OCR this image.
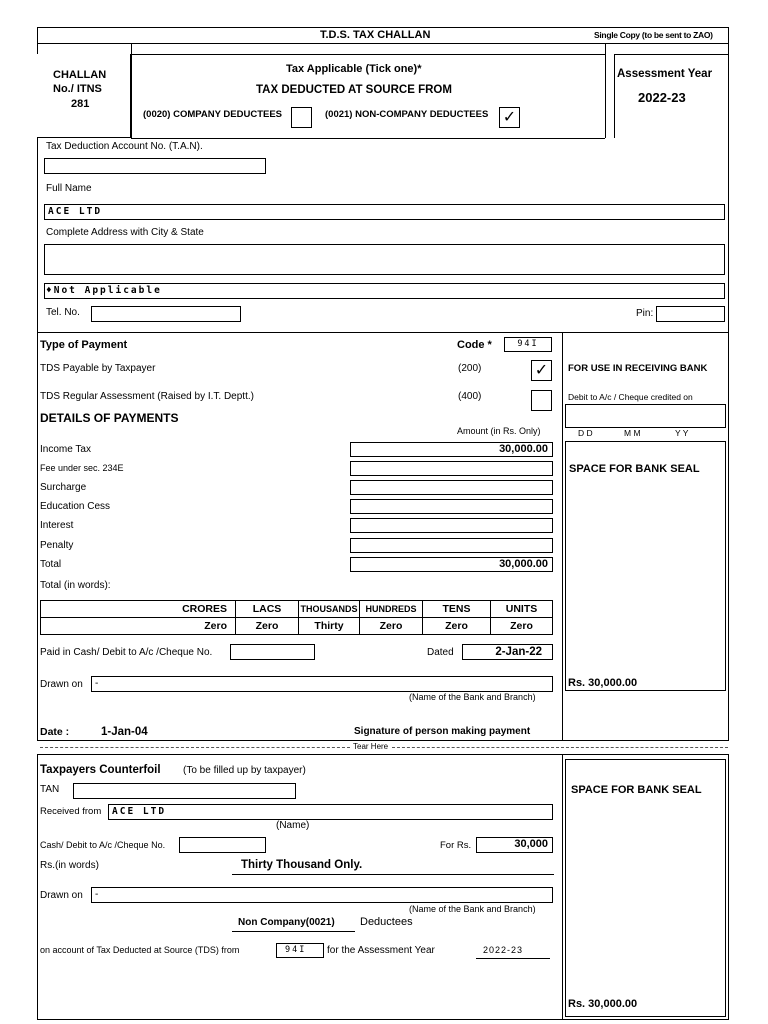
T.D.S. TAX CHALLAN	Single Copy (to be sent to ZAO)
CHALLAN
No./ ITNS
281
Tax Applicable (Tick one)*
TAX DEDUCTED AT SOURCE FROM
(0020) COMPANY DEDUCTEES	(0021) NON-COMPANY DEDUCTEES ✓
Assessment Year
2022-23
Tax Deduction Account No. (T.A.N).
Full Name
ACE LTD
Complete Address with City & State
♦Not Applicable
Tel. No.	Pin:
Type of Payment	Code *	94I
TDS Payable by Taxpayer	(200)	✓
TDS Regular Assessment (Raised by I.T. Deptt.)	(400)
DETAILS OF PAYMENTS
Amount (in Rs. Only)
Income Tax	30,000.00
Fee under sec. 234E
Surcharge
Education Cess
Interest
Penalty
Total	30,000.00
Total (in words):
CRORES	LACS	THOUSANDS	HUNDREDS	TENS	UNITS
Zero	Zero	Thirty	Zero	Zero	Zero
Paid in Cash/ Debit to A/c /Cheque No.	Dated	2-Jan-22
Drawn on	-
(Name of the Bank and Branch)
Date :	1-Jan-04	Signature of person making payment
FOR USE IN RECEIVING BANK
Debit to A/c / Cheque credited on
D D	M M	Y Y
SPACE FOR BANK SEAL
Rs. 30,000.00
Tear Here
SPACE FOR BANK SEAL
Rs. 30,000.00
Taxpayers Counterfoil (To be filled up by taxpayer)
TAN
Received from	ACE LTD
(Name)
Cash/ Debit to A/c /Cheque No.	For Rs.	30,000
Rs.(in words)	Thirty Thousand Only.
Drawn on	-
(Name of the Bank and Branch)
Non Company(0021) Deductees
on account of Tax Deducted at Source (TDS) from	94I	for the Assessment Year	2022-23
